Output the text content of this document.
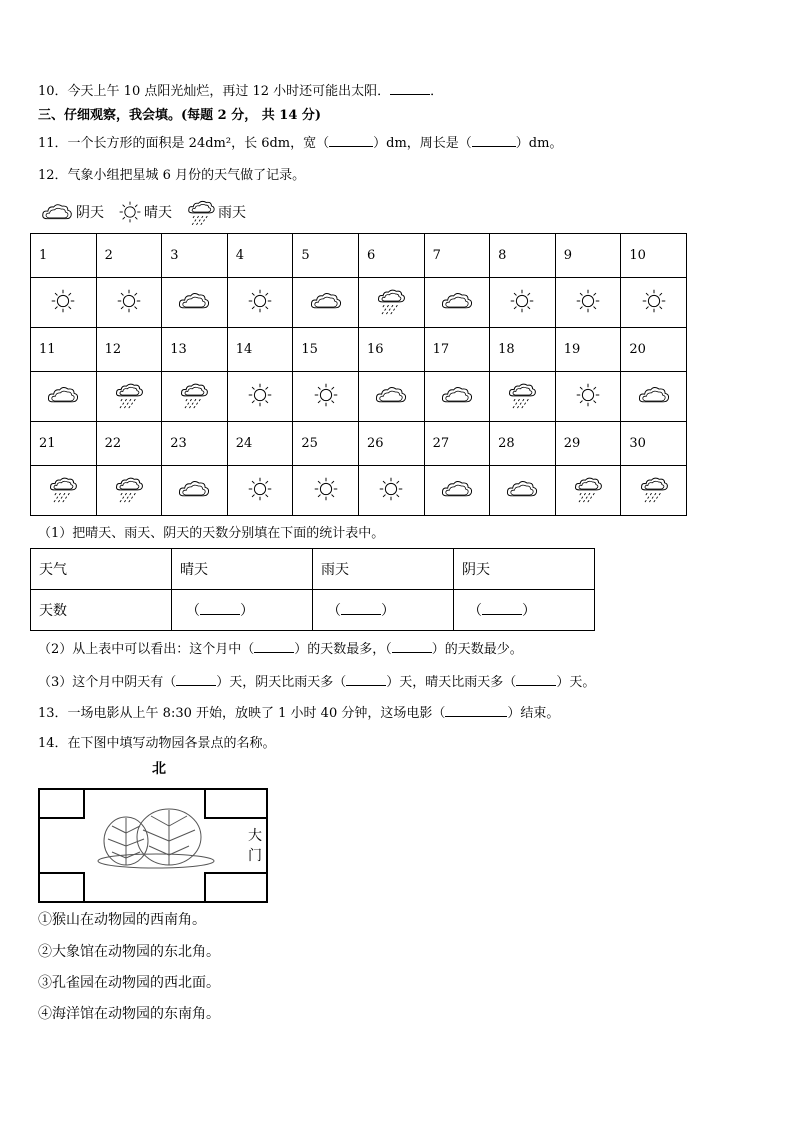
10．今天上午 10 点阳光灿烂，再过 12 小时还可能出太阳．	．
三、仔细观察，我会填。(每题 2 分， 共 14 分)
11．一个长方形的面积是 24dm²，长 6dm，宽（	）dm，周长是（	）dm。
12．气象小组把星城 6 月份的天气做了记录。
阴天	晴天	雨天
1	2	3	4	5	6	7	8	9	10

11	12	13	14	15	16	17	18	19	20

21	22	23	24	25	26	27	28	29	30

（1）把晴天、雨天、阴天的天数分别填在下面的统计表中。
天气	晴天	雨天	阴天
天数	（ ）	（ ）	（ ）
（2）从上表中可以看出：这个月中（	）的天数最多，（	）的天数最少。
（3）这个月中阴天有（	）天，阴天比雨天多（	）天，晴天比雨天多（	）天。
13．一场电影从上午 8:30 开始，放映了 1 小时 40 分钟，这场电影（	）结束。
14．在下图中填写动物园各景点的名称。
北
大
门
①猴山在动物园的西南角。
②大象馆在动物园的东北角。
③孔雀园在动物园的西北面。
④海洋馆在动物园的东南角。
